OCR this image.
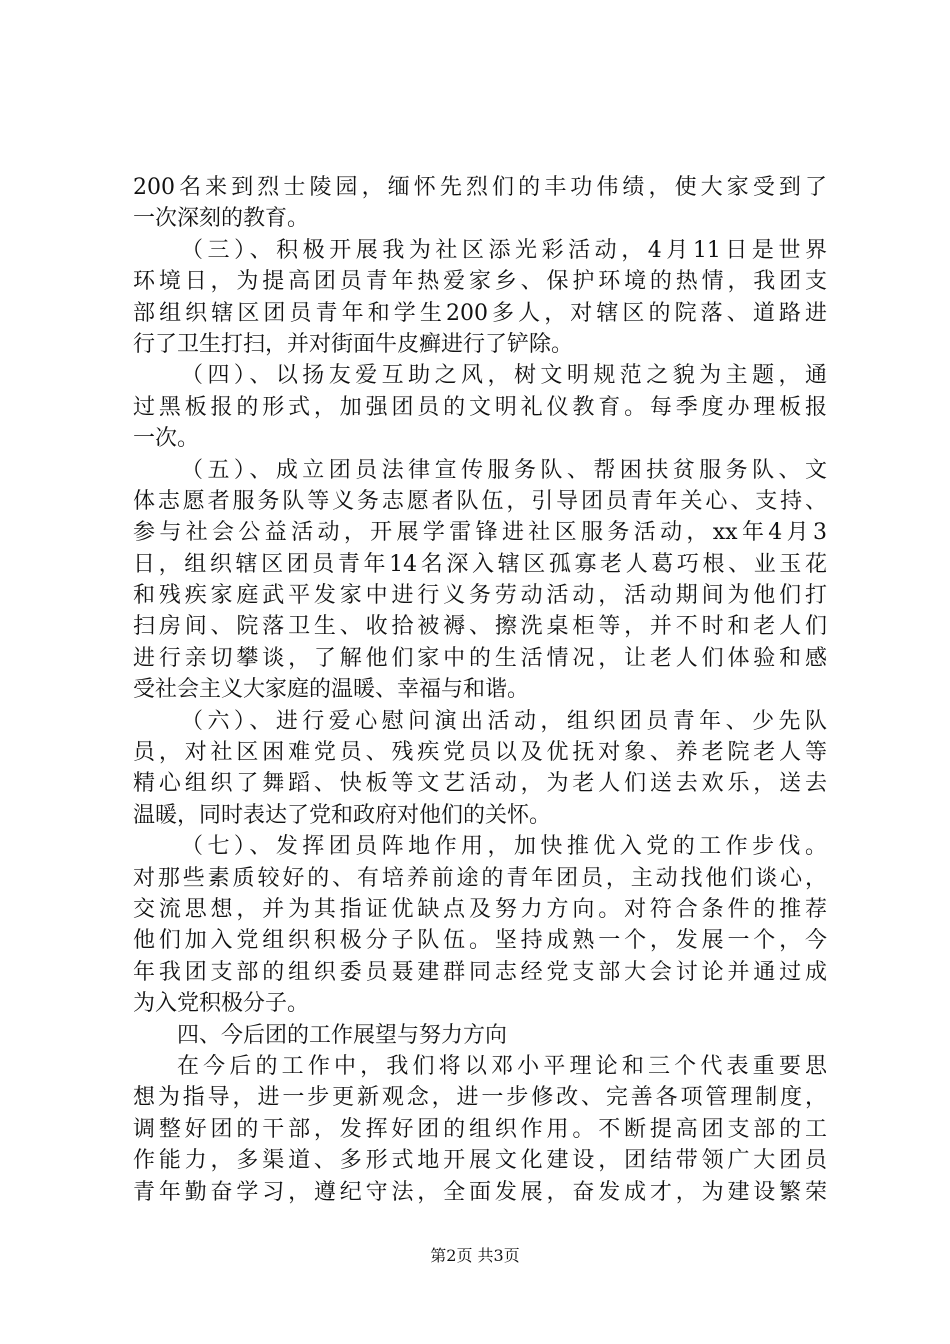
200名来到烈士陵园，缅怀先烈们的丰功伟绩，使大家受到了
一次深刻的教育。
（三）、积极开展我为社区添光彩活动，4月11日是世界
环境日，为提高团员青年热爱家乡、保护环境的热情，我团支
部组织辖区团员青年和学生200多人，对辖区的院落、道路进
行了卫生打扫，并对街面牛皮癣进行了铲除。
（四）、以扬友爱互助之风，树文明规范之貌为主题，通
过黑板报的形式，加强团员的文明礼仪教育。每季度办理板报
一次。
（五）、成立团员法律宣传服务队、帮困扶贫服务队、文
体志愿者服务队等义务志愿者队伍，引导团员青年关心、支持、
参与社会公益活动，开展学雷锋进社区服务活动，xx年4月3
日，组织辖区团员青年14名深入辖区孤寡老人葛巧根、业玉花
和残疾家庭武平发家中进行义务劳动活动，活动期间为他们打
扫房间、院落卫生、收拾被褥、擦洗桌柜等，并不时和老人们
进行亲切攀谈，了解他们家中的生活情况，让老人们体验和感
受社会主义大家庭的温暖、幸福与和谐。
（六）、进行爱心慰问演出活动，组织团员青年、少先队
员，对社区困难党员、残疾党员以及优抚对象、养老院老人等
精心组织了舞蹈、快板等文艺活动，为老人们送去欢乐，送去
温暖，同时表达了党和政府对他们的关怀。
（七）、发挥团员阵地作用，加快推优入党的工作步伐。
对那些素质较好的、有培养前途的青年团员，主动找他们谈心，
交流思想，并为其指证优缺点及努力方向。对符合条件的推荐
他们加入党组织积极分子队伍。坚持成熟一个，发展一个，今
年我团支部的组织委员聂建群同志经党支部大会讨论并通过成
为入党积极分子。
四、今后团的工作展望与努力方向
在今后的工作中，我们将以邓小平理论和三个代表重要思
想为指导，进一步更新观念，进一步修改、完善各项管理制度，
调整好团的干部，发挥好团的组织作用。不断提高团支部的工
作能力，多渠道、多形式地开展文化建设，团结带领广大团员
青年勤奋学习，遵纪守法，全面发展，奋发成才，为建设繁荣
第2页 共3页
